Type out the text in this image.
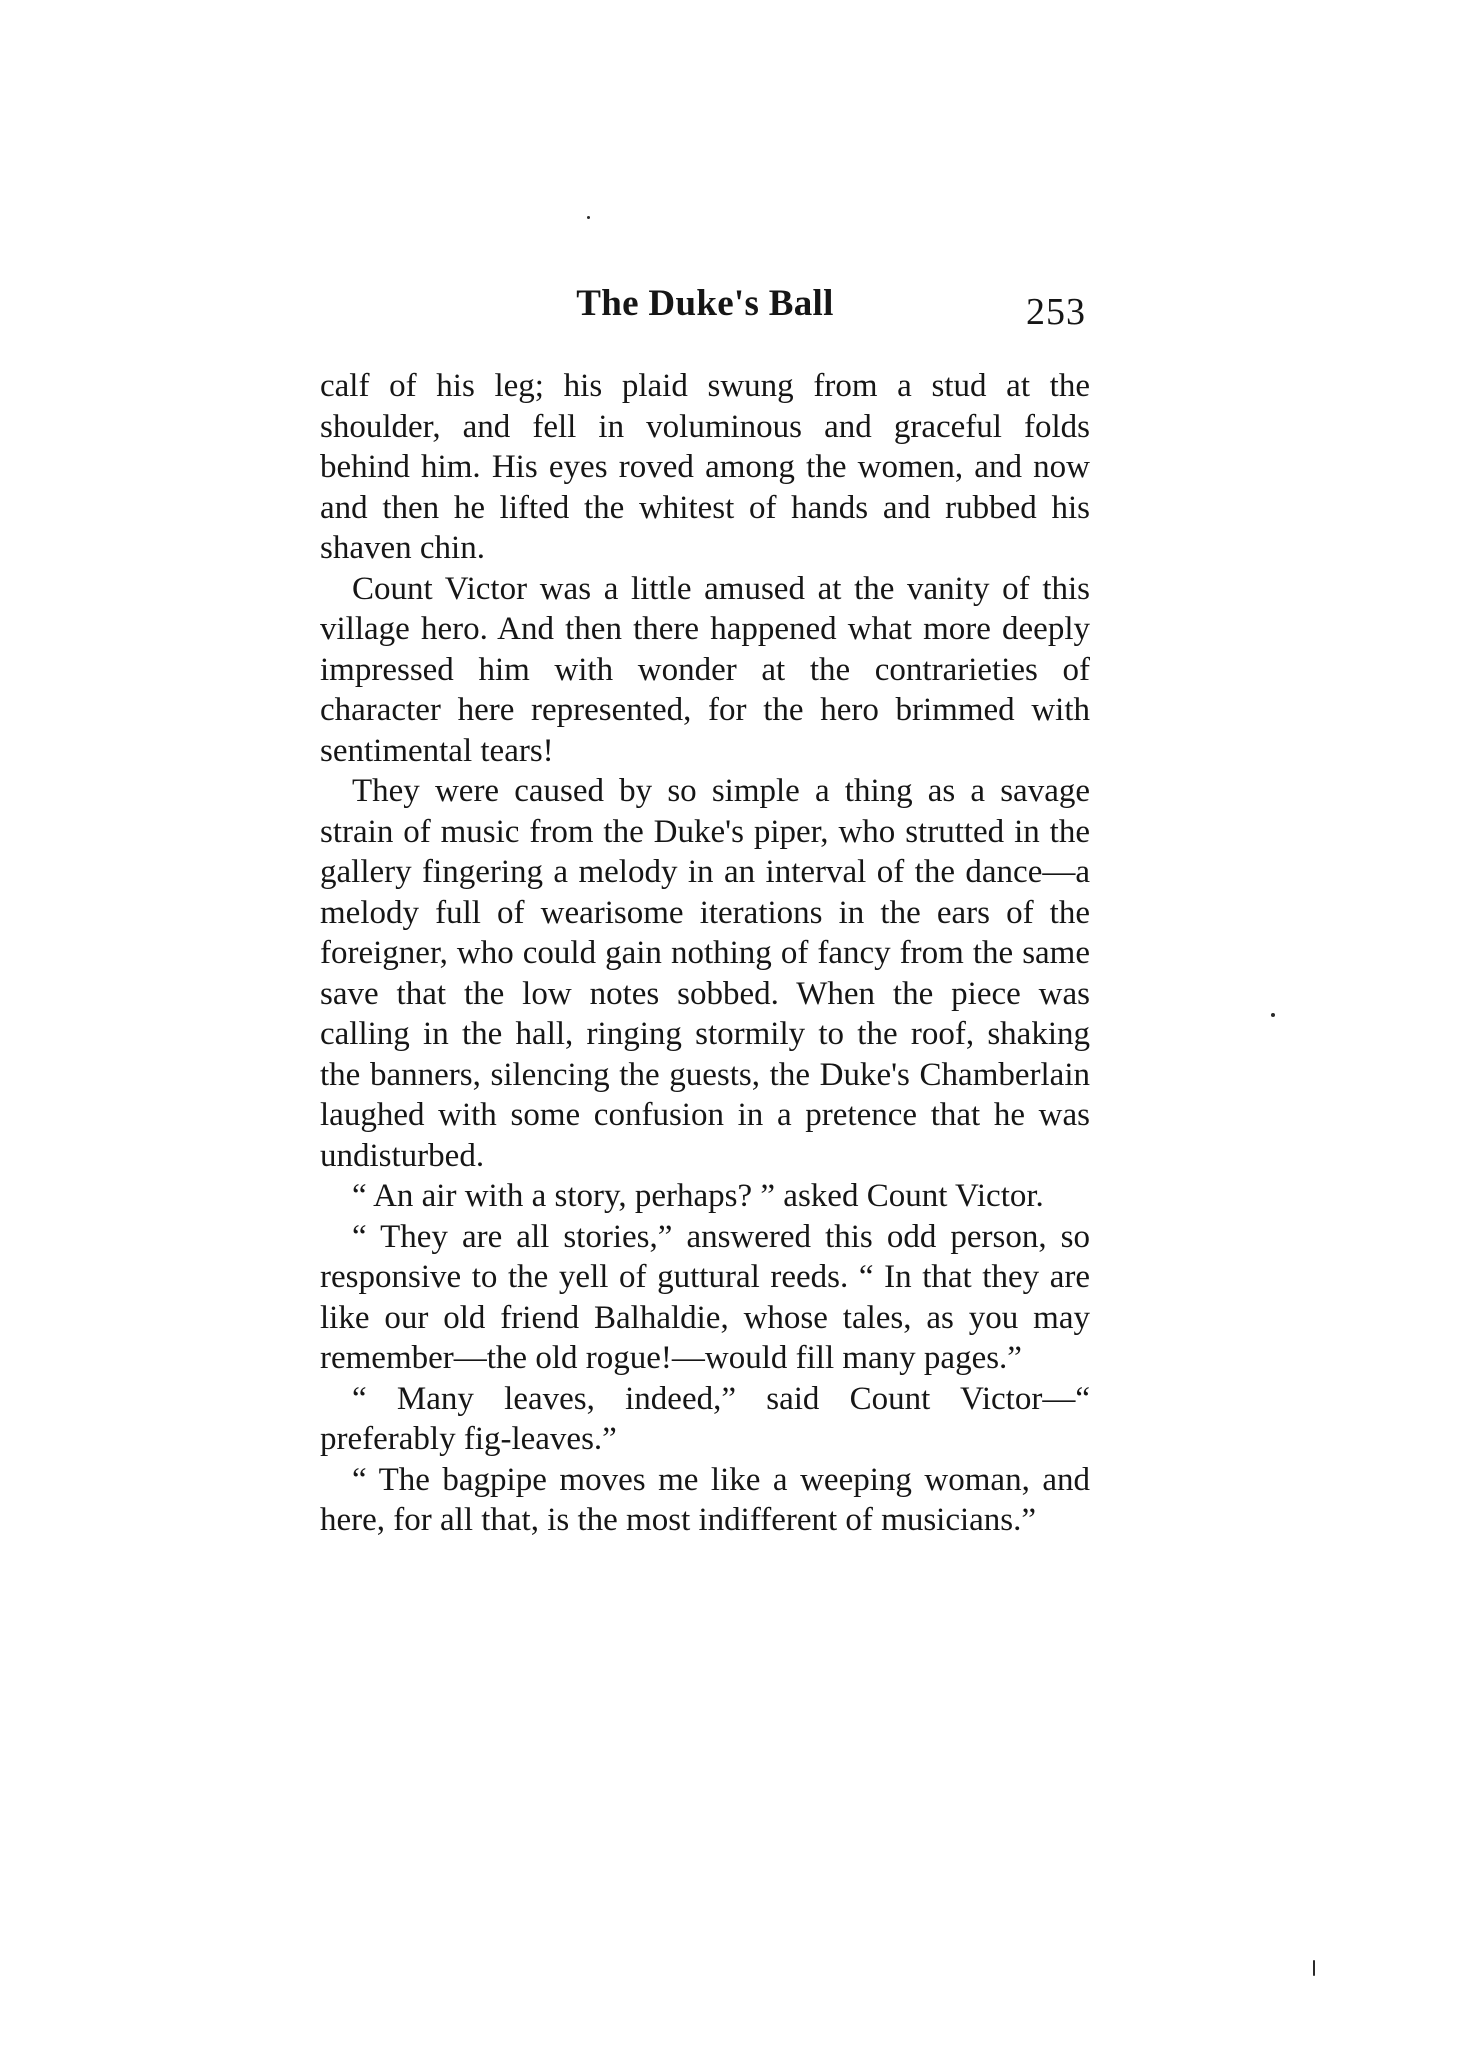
The Duke's Ball	253

calf of his leg; his plaid swung from a stud at the shoulder, and fell in voluminous and graceful folds behind him. His eyes roved among the women, and now and then he lifted the whitest of hands and rubbed his shaven chin.

Count Victor was a little amused at the vanity of this village hero. And then there happened what more deeply impressed him with wonder at the contrarieties of character here represented, for the hero brimmed with sentimental tears!

They were caused by so simple a thing as a savage strain of music from the Duke's piper, who strutted in the gallery fingering a melody in an interval of the dance—a melody full of wearisome iterations in the ears of the foreigner, who could gain nothing of fancy from the same save that the low notes sobbed. When the piece was calling in the hall, ringing stormily to the roof, shaking the banners, silencing the guests, the Duke's Chamberlain laughed with some confusion in a pretence that he was undisturbed.

“ An air with a story, perhaps? ” asked Count Victor.

“ They are all stories,” answered this odd person, so responsive to the yell of guttural reeds. “ In that they are like our old friend Balhaldie, whose tales, as you may remember—the old rogue!—would fill many pages.”

“ Many leaves, indeed,” said Count Victor—“ preferably fig-leaves.”

“ The bagpipe moves me like a weeping woman, and here, for all that, is the most indifferent of musicians.”
